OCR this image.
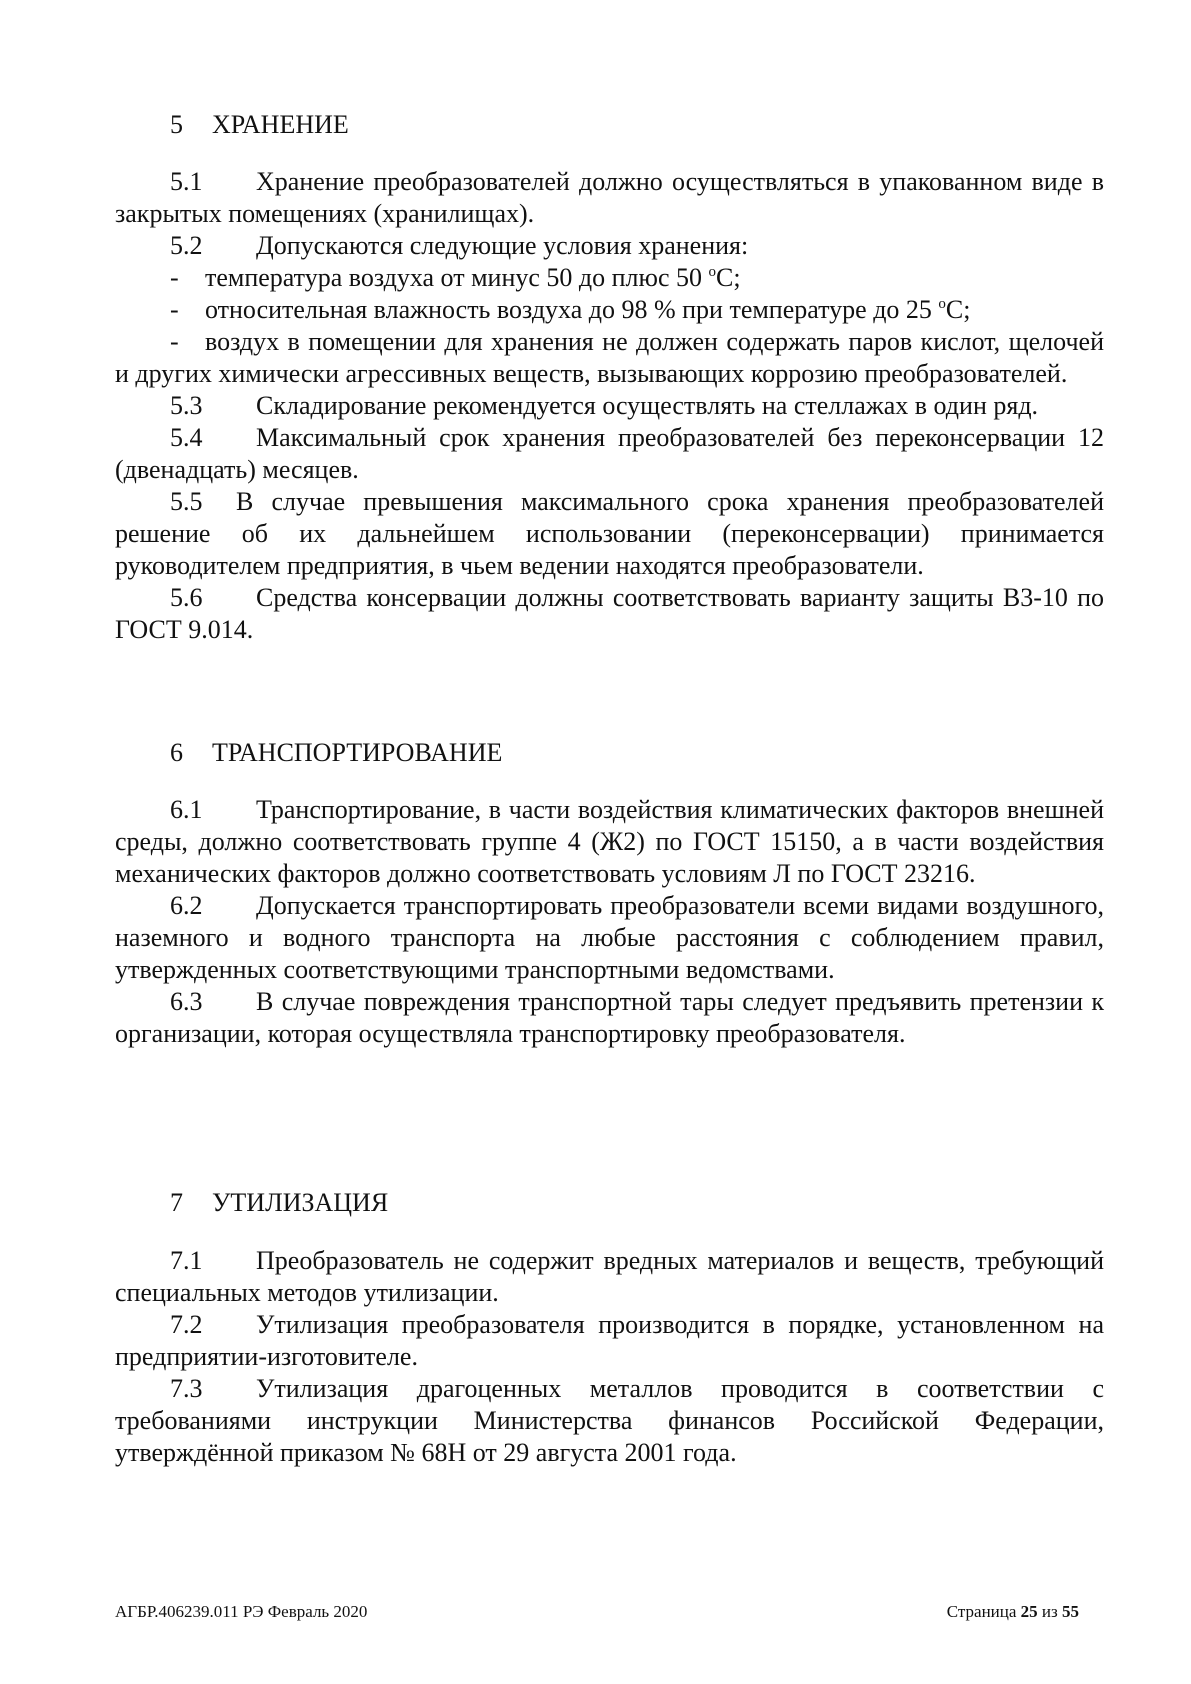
5 ХРАНЕНИЕ

5.1 Хранение преобразователей должно осуществляться в упакованном виде в закрытых помещениях (хранилищах).

5.2 Допускаются следующие условия хранения:

- температура воздуха от минус 50 до плюс 50 $^о$С;

- относительная влажность воздуха до 98 % при температуре до 25 $^о$С;

- воздух в помещении для хранения не должен содержать паров кислот, щелочей и других химически агрессивных веществ, вызывающих коррозию преобразователей.

5.3 Складирование рекомендуется осуществлять на стеллажах в один ряд.

5.4 Максимальный срок хранения преобразователей без переконсервации 12 (двенадцать) месяцев.

5.5 В случае превышения максимального срока хранения преобразователей решение об их дальнейшем использовании (переконсервации) принимается руководителем предприятия, в чьем ведении находятся преобразователи.

5.6 Средства консервации должны соответствовать варианту защиты В3-10 по ГОСТ 9.014.

6 ТРАНСПОРТИРОВАНИЕ

6.1 Транспортирование, в части воздействия климатических факторов внешней среды, должно соответствовать группе 4 (Ж2) по ГОСТ 15150, а в части воздействия механических факторов должно соответствовать условиям Л по ГОСТ 23216.

6.2 Допускается транспортировать преобразователи всеми видами воздушного, наземного и водного транспорта на любые расстояния с соблюдением правил, утвержденных соответствующими транспортными ведомствами.

6.3 В случае повреждения транспортной тары следует предъявить претензии к организации, которая осуществляла транспортировку преобразователя.

7 УТИЛИЗАЦИЯ

7.1 Преобразователь не содержит вредных материалов и веществ, требующий специальных методов утилизации.

7.2 Утилизация преобразователя производится в порядке, установленном на предприятии-изготовителе.

7.3 Утилизация драгоценных металлов проводится в соответствии с требованиями инструкции Министерства финансов Российской Федерации, утверждённой приказом № 68Н от 29 августа 2001 года.

АГБР.406239.011 РЭ Февраль 2020	Страница 25 из 55
